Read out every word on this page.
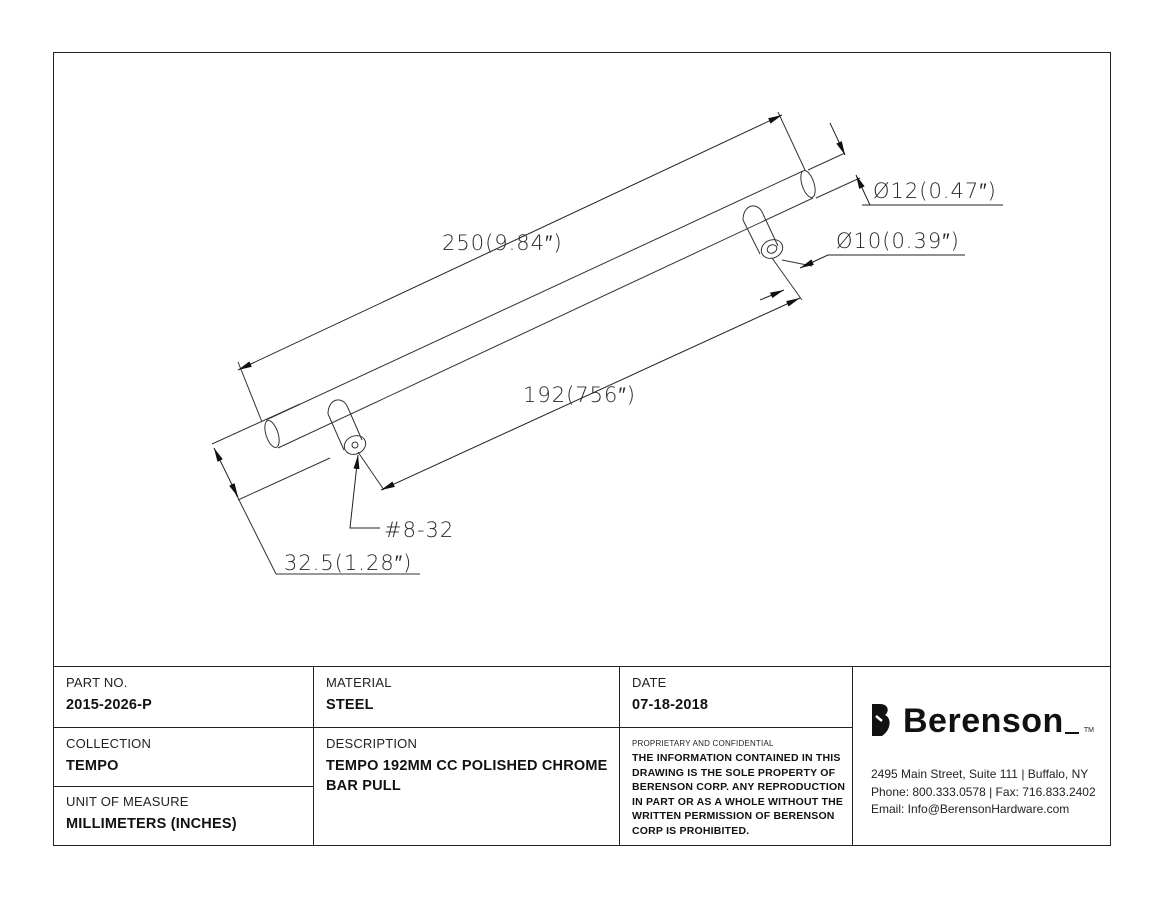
250(9.84″)
Ø12(0.47″)
Ø10(0.39″)
192(756″)
#8-32
32.5(1.28″)
PART NO.
2015-2026-P
MATERIAL
STEEL
DATE
07-18-2018
COLLECTION
TEMPO
UNIT OF MEASURE
MILLIMETERS (INCHES)
DESCRIPTION
TEMPO 192MM CC POLISHED CHROME
BAR PULL
PROPRIETARY AND CONFIDENTIAL
THE INFORMATION CONTAINED IN THIS
DRAWING IS THE SOLE PROPERTY OF
BERENSON CORP. ANY REPRODUCTION
IN PART OR AS A WHOLE WITHOUT THE
WRITTEN PERMISSION OF BERENSON
CORP IS PROHIBITED.
Berenson	TM
2495 Main Street, Suite 111 | Buffalo, NY
Phone: 800.333.0578 | Fax: 716.833.2402
Email: Info@BerensonHardware.com
